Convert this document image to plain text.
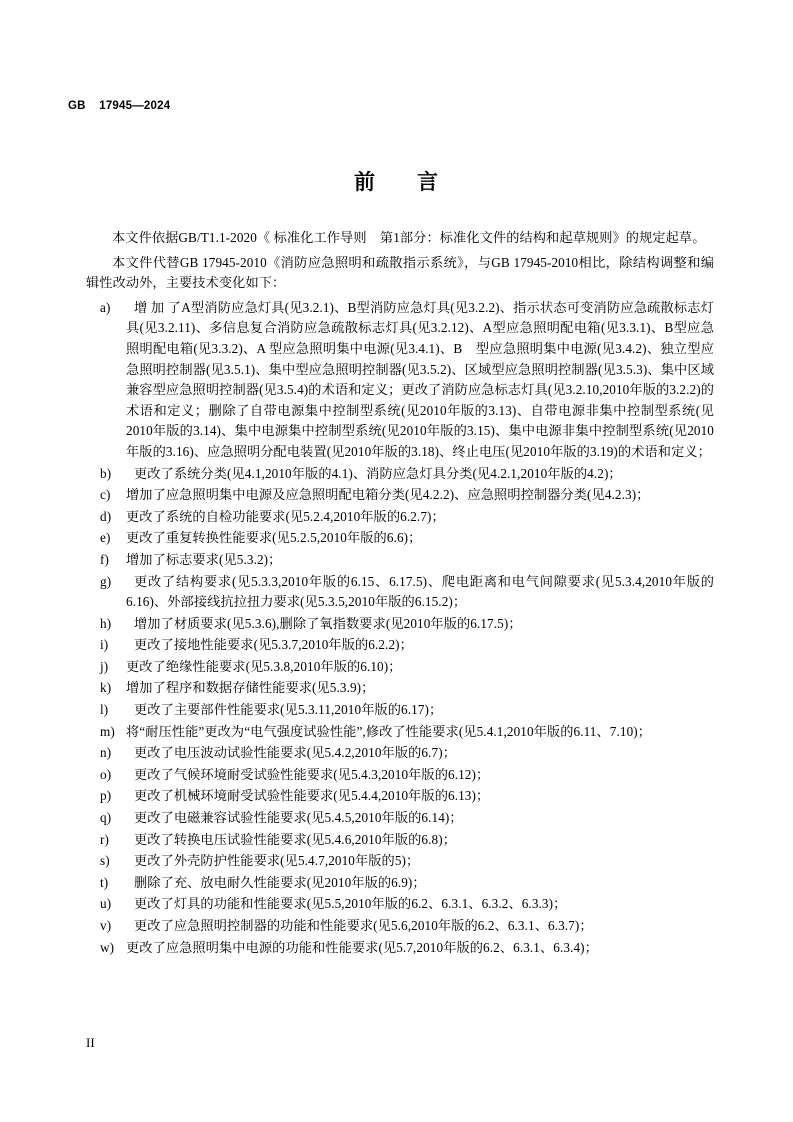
GB    17945—2024
前      言

本文件依据GB/T1.1-2020《 标准化工作导则　第1部分：标准化文件的结构和起草规则》的规定起草。

本文件代替GB 17945-2010《消防应急照明和疏散指示系统》，与GB 17945-2010相比，除结构调整和编辑性改动外，主要技术变化如下：

a)	增 加 了A型消防应急灯具(见3.2.1)、B型消防应急灯具(见3.2.2)、指示状态可变消防应急疏散标志灯具(见3.2.11)、多信息复合消防应急疏散标志灯具(见3.2.12)、A型应急照明配电箱(见3.3.1)、B型应急照明配电箱(见3.3.2)、A 型应急照明集中电源(见3.4.1)、B　型应急照明集中电源(见3.4.2)、独立型应急照明控制器(见3.5.1)、集中型应急照明控制器(见3.5.2)、区域型应急照明控制器(见3.5.3)、集中区域兼容型应急照明控制器(见3.5.4)的术语和定义；更改了消防应急标志灯具(见3.2.10,2010年版的3.2.2)的术语和定义；删除了自带电源集中控制型系统(见2010年版的3.13)、自带电源非集中控制型系统(见2010年版的3.14)、集中电源集中控制型系统(见2010年版的3.15)、集中电源非集中控制型系统(见2010年版的3.16)、应急照明分配电装置(见2010年版的3.18)、终止电压(见2010年版的3.19)的术语和定义；
b)	更改了系统分类(见4.1,2010年版的4.1)、消防应急灯具分类(见4.2.1,2010年版的4.2)；
c) 增加了应急照明集中电源及应急照明配电箱分类(见4.2.2)、应急照明控制器分类(见4.2.3)；
d) 更改了系统的自检功能要求(见5.2.4,2010年版的6.2.7)；
e) 更改了重复转换性能要求(见5.2.5,2010年版的6.6)；
f) 增加了标志要求(见5.3.2)；
g)	更改了结构要求(见5.3.3,2010年版的6.15、6.17.5)、爬电距离和电气间隙要求(见5.3.4,2010年版的6.16)、外部接线抗拉扭力要求(见5.3.5,2010年版的6.15.2)；
h)	增加了材质要求(见5.3.6),删除了氧指数要求(见2010年版的6.17.5)；
i)	更改了接地性能要求(见5.3.7,2010年版的6.2.2)；
j) 更改了绝缘性能要求(见5.3.8,2010年版的6.10)；
k) 增加了程序和数据存储性能要求(见5.3.9)；
l)	更改了主要部件性能要求(见5.3.11,2010年版的6.17)；
m) 将“耐压性能”更改为“电气强度试验性能”,修改了性能要求(见5.4.1,2010年版的6.11、7.10)；
n)	更改了电压波动试验性能要求(见5.4.2,2010年版的6.7)；
o)	更改了气候环境耐受试验性能要求(见5.4.3,2010年版的6.12)；
p)	更改了机械环境耐受试验性能要求(见5.4.4,2010年版的6.13)；
q)	更改了电磁兼容试验性能要求(见5.4.5,2010年版的6.14)；
r)	更改了转换电压试验性能要求(见5.4.6,2010年版的6.8)；
s)	更改了外壳防护性能要求(见5.4.7,2010年版的5)；
t)	删除了充、放电耐久性能要求(见2010年版的6.9)；
u)	更改了灯具的功能和性能要求(见5.5,2010年版的6.2、6.3.1、6.3.2、6.3.3)；
v)	更改了应急照明控制器的功能和性能要求(见5.6,2010年版的6.2、6.3.1、6.3.7)；
w) 更改了应急照明集中电源的功能和性能要求(见5.7,2010年版的6.2、6.3.1、6.3.4)；
II
